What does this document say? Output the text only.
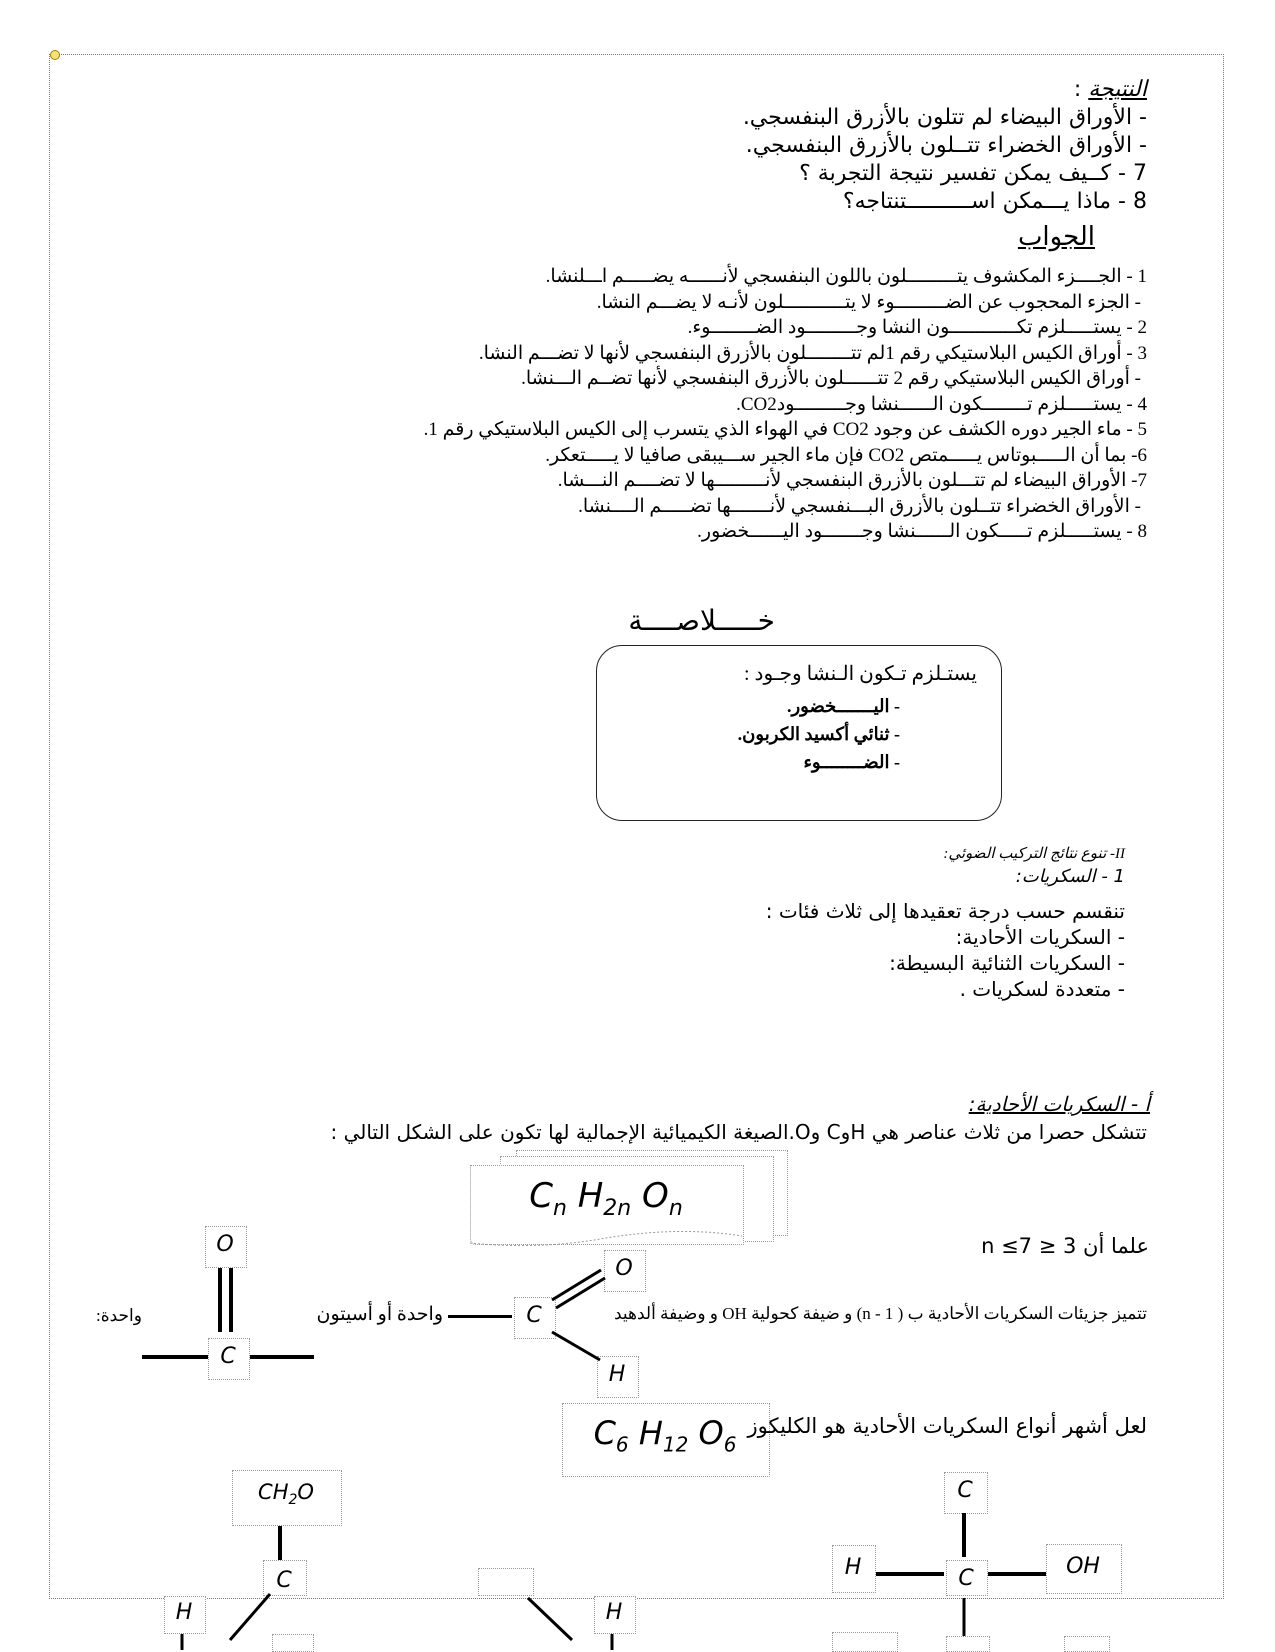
النتيجة :
- الأوراق البيضاء لم تتلون بالأزرق البنفسجي.
- الأوراق الخضراء تتــلون بالأزرق البنفسجي.
7 - كــيف يمكن تفسير نتيجة التجربة ؟
8 - ماذا يـــمكن اســــــــــتنتاجه؟
الجواب
1 - الجــــزء المكشوف يتـــــــــلون باللون البنفسجي لأنــــــه يضـــــم اـــلنشا.
- الجزء المحجوب عن الضـــــــــوء لا يتـــــــــــلون لأنـه لا يضـــم النشا.
2 - يستـــــلزم تكــــــــــــون النشا وجـــــــــود الضــــــــوء.
3 - أوراق الكيس البلاستيكي رقم 1لم تتــــــــلون بالأزرق البنفسجي لأنها لا تضـــم النشا.
- أوراق الكيس البلاستيكي رقم 2 تتــــــلون بالأزرق البنفسجي لأنها تضــم الـــنشا.
4 - يستـــــلزم تــــــــكون الــــــنشا وجـــــــــودCO2.
5 - ماء الجير دوره الكشف عن وجود CO2 في الهواء الذي يتسرب إلى الكيس البلاستيكي رقم 1.
6- بما أن الـــــبوتاس يـــــمتص CO2 فإن ماء الجير ســـيبقى صافيا لا يـــــتعكر.
7- الأوراق البيضاء لم تتـــلون بالأزرق البنفسجي لأنـــــــــها لا تضــــم النـــشا.
- الأوراق الخضراء تتــلون بالأزرق البـــنفسجي لأنـــــــها تضـــــم الــــنشا.
8 - يستـــــلزم تـــــكون الــــــنشا وجـــــــود اليــــــخضور.
خـــــلاصــــة
يستـلزم تـكون الـنشا وجـود :
- اليـــــــخضور.
- ثنائي أكسيد الكربون.
- الضــــــــوء
II- تنوع نتائج التركيب الضوئي:
1 - السكريات:
تنقسم حسب درجة تعقيدها إلى ثلاث فئات :
- السكريات الأحادية:
- السكريات الثنائية البسيطة:
- متعددة لسكريات .
أ - السكريات الأحادية:
تتشكل حصرا من ثلاث عناصر هي HوC وO.الصيغة الكيميائية الإجمالية لها تكون على الشكل التالي :
$C_n$ $H_{2n}$ $O_n$
علما أن 3 ≤ n ≤7
O
C
واحدة:	واحدة أو أسيتون	C
O
H
تتميز جزيئات السكريات الأحادية ب ( n - 1) و ضيفة كحولية OH و وضيفة ألدهيد
$C_6$ $H_{12}$ $O_6$
لعل أشهر أنواع السكريات الأحادية هو الكليكوز
$CH_2O$
C
C
H	C	OH
H	H
